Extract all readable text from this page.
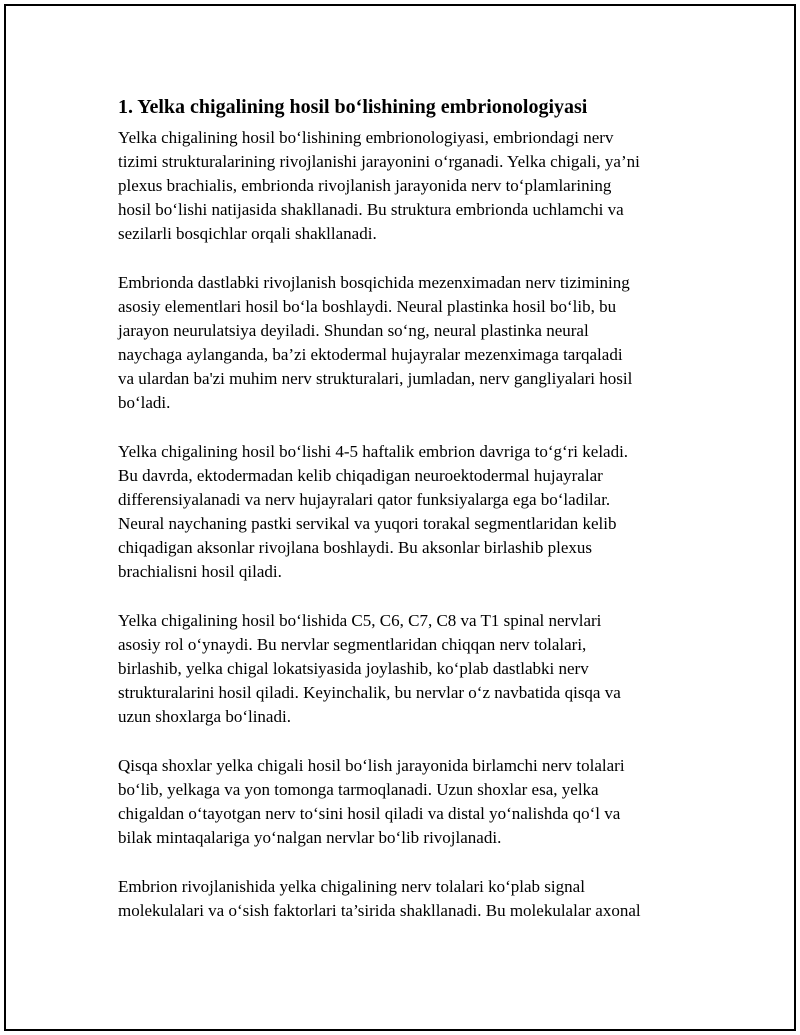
1. Yelka chigalining hosil bo‘lishining embrionologiyasi

Yelka chigalining hosil bo‘lishining embrionologiyasi, embriondagi nerv
tizimi strukturalarining rivojlanishi jarayonini o‘rganadi. Yelka chigali, ya’ni
plexus brachialis, embrionda rivojlanish jarayonida nerv to‘plamlarining
hosil bo‘lishi natijasida shakllanadi. Bu struktura embrionda uchlamchi va
sezilarli bosqichlar orqali shakllanadi.

Embrionda dastlabki rivojlanish bosqichida mezenximadan nerv tizimining
asosiy elementlari hosil bo‘la boshlaydi. Neural plastinka hosil bo‘lib, bu
jarayon neurulatsiya deyiladi. Shundan so‘ng, neural plastinka neural
naychaga aylanganda, ba’zi ektodermal hujayralar mezenximaga tarqaladi
va ulardan ba'zi muhim nerv strukturalari, jumladan, nerv gangliyalari hosil
bo‘ladi.

Yelka chigalining hosil bo‘lishi 4-5 haftalik embrion davriga to‘g‘ri keladi.
Bu davrda, ektodermadan kelib chiqadigan neuroektodermal hujayralar
differensiyalanadi va nerv hujayralari qator funksiyalarga ega bo‘ladilar.
Neural naychaning pastki servikal va yuqori torakal segmentlaridan kelib
chiqadigan aksonlar rivojlana boshlaydi. Bu aksonlar birlashib plexus
brachialisni hosil qiladi.

Yelka chigalining hosil bo‘lishida C5, C6, C7, C8 va T1 spinal nervlari
asosiy rol o‘ynaydi. Bu nervlar segmentlaridan chiqqan nerv tolalari,
birlashib, yelka chigal lokatsiyasida joylashib, ko‘plab dastlabki nerv
strukturalarini hosil qiladi. Keyinchalik, bu nervlar o‘z navbatida qisqa va
uzun shoxlarga bo‘linadi.

Qisqa shoxlar yelka chigali hosil bo‘lish jarayonida birlamchi nerv tolalari
bo‘lib, yelkaga va yon tomonga tarmoqlanadi. Uzun shoxlar esa, yelka
chigaldan o‘tayotgan nerv to‘sini hosil qiladi va distal yo‘nalishda qo‘l va
bilak mintaqalariga yo‘nalgan nervlar bo‘lib rivojlanadi.

Embrion rivojlanishida yelka chigalining nerv tolalari ko‘plab signal
molekulalari va o‘sish faktorlari ta’sirida shakllanadi. Bu molekulalar axonal
